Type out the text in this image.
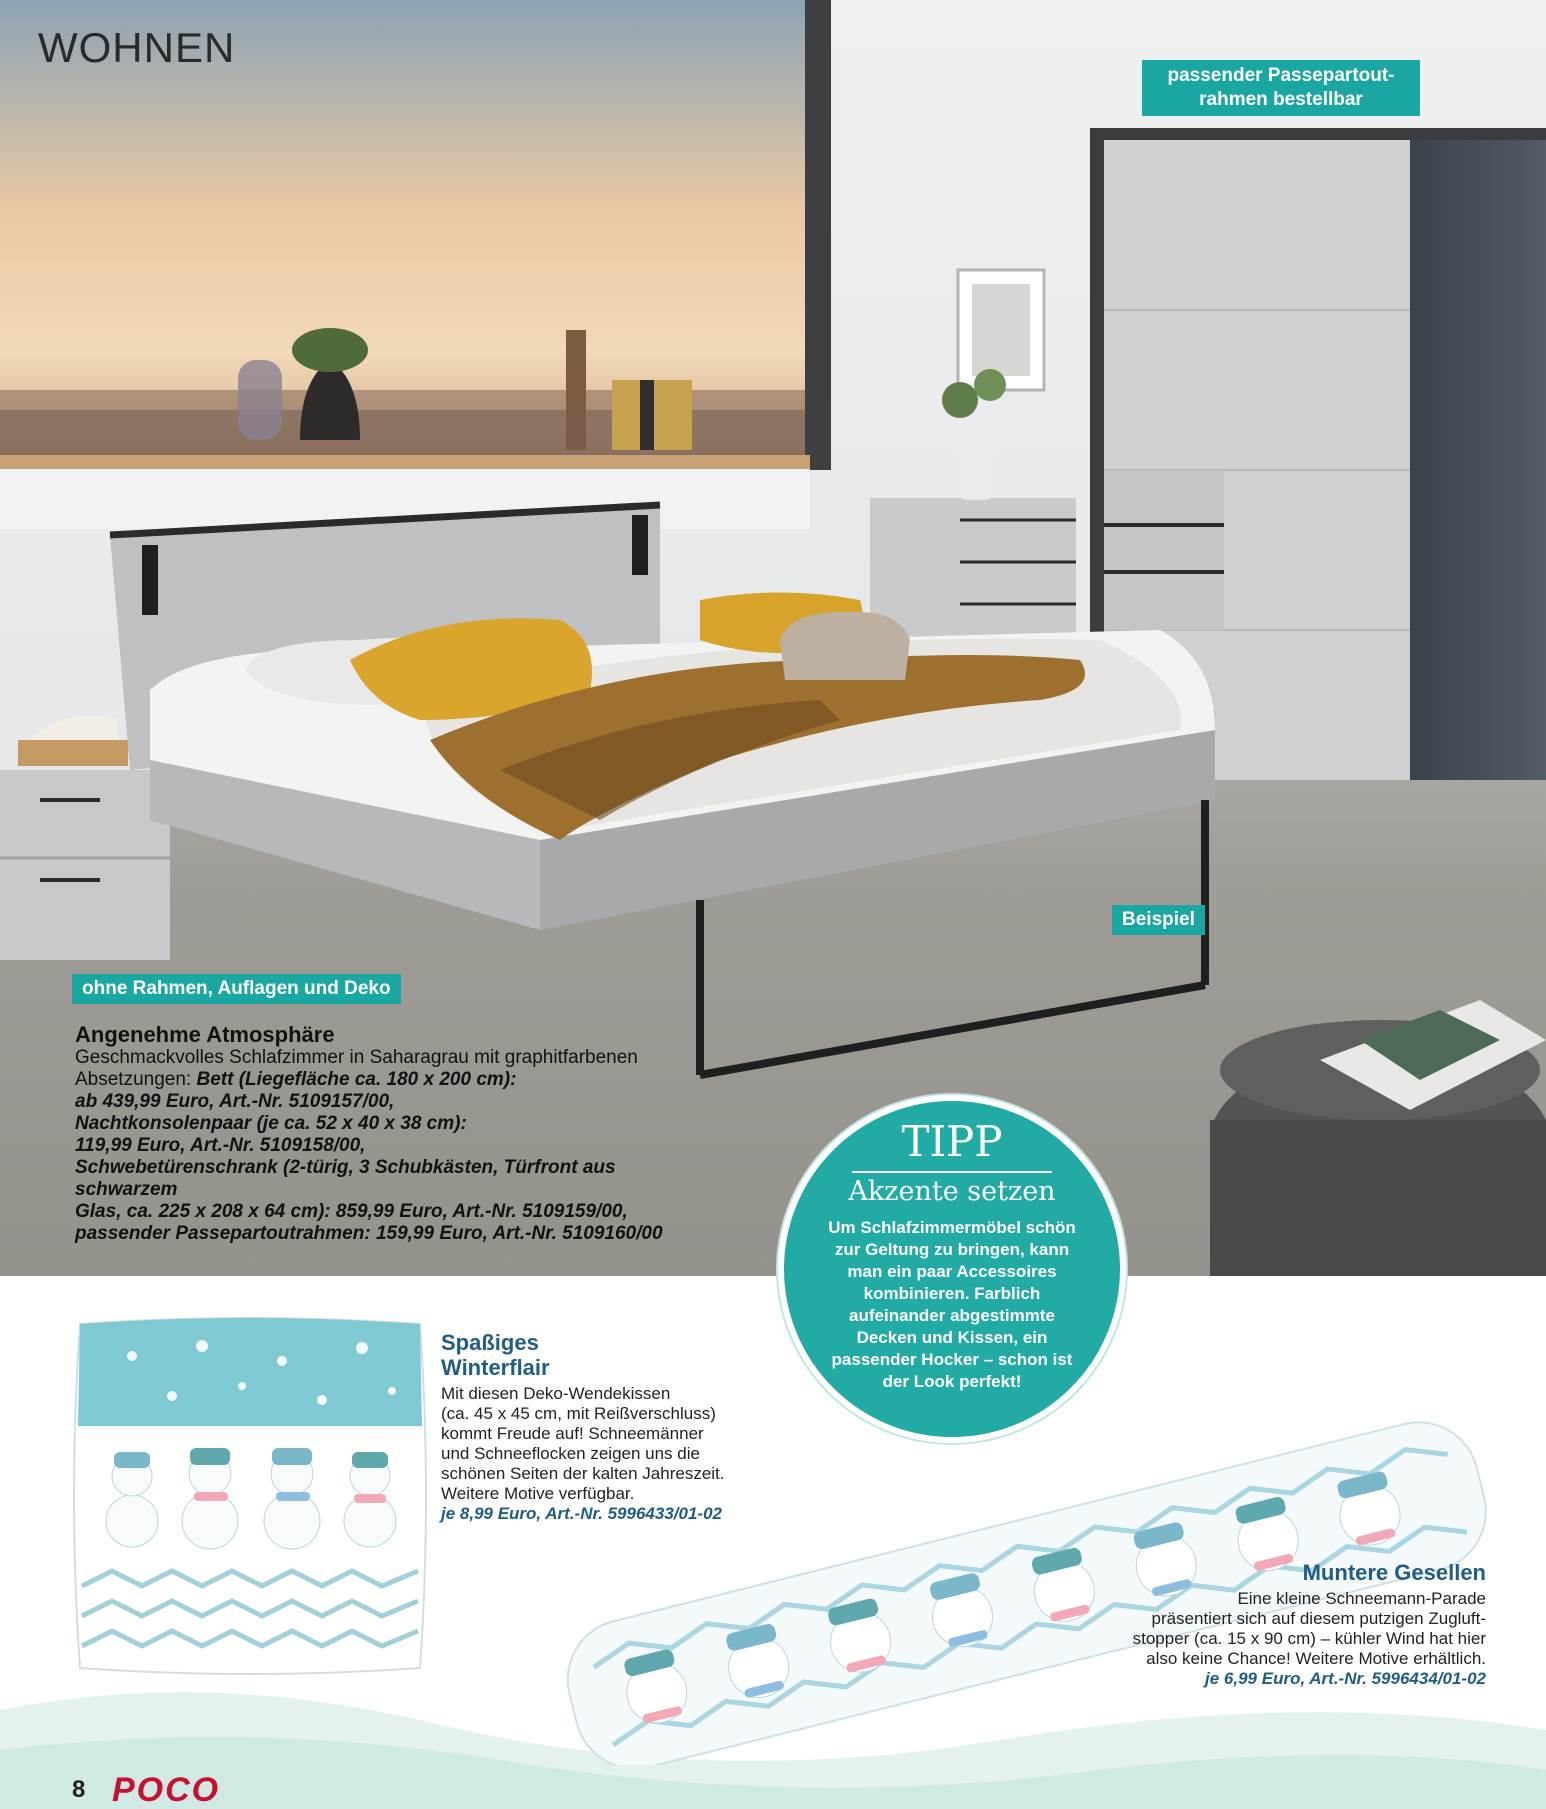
WOHNEN
passender Passepartout-
rahmen bestellbar
Beispiel
ohne Rahmen, Auflagen und Deko
Angenehme Atmosphäre
Geschmackvolles Schlafzimmer in Saharagrau mit graphitfarbenen
Absetzungen: Bett (Liegefläche ca. 180 x 200 cm):
ab 439,99 Euro, Art.-Nr. 5109157/00,
Nachtkonsolenpaar (je ca. 52 x 40 x 38 cm):
119,99 Euro, Art.-Nr. 5109158/00,
Schwebetürenschrank (2-türig, 3 Schubkästen, Türfront aus schwarzem
Glas, ca. 225 x 208 x 64 cm): 859,99 Euro, Art.-Nr. 5109159/00,
passender Passepartoutrahmen: 159,99 Euro, Art.-Nr. 5109160/00
Spaßiges
Winterflair
Mit diesen Deko-Wendekissen
(ca. 45 x 45 cm, mit Reißverschluss)
kommt Freude auf! Schneemänner
und Schneeflocken zeigen uns die
schönen Seiten der kalten Jahreszeit.
Weitere Motive verfügbar.
je 8,99 Euro, Art.-Nr. 5996433/01-02
TIPP
Akzente setzen
Um Schlafzimmermöbel schön zur Geltung zu bringen, kann man ein paar Accessoires kombinieren. Farblich aufeinander abgestimmte Decken und Kissen, ein passender Hocker – schon ist der Look perfekt!
Muntere Gesellen
Eine kleine Schneemann-Parade
präsentiert sich auf diesem putzigen Zugluft-
stopper (ca. 15 x 90 cm) – kühler Wind hat hier
also keine Chance! Weitere Motive erhältlich.
je 6,99 Euro, Art.-Nr. 5996434/01-02
8 POCO
